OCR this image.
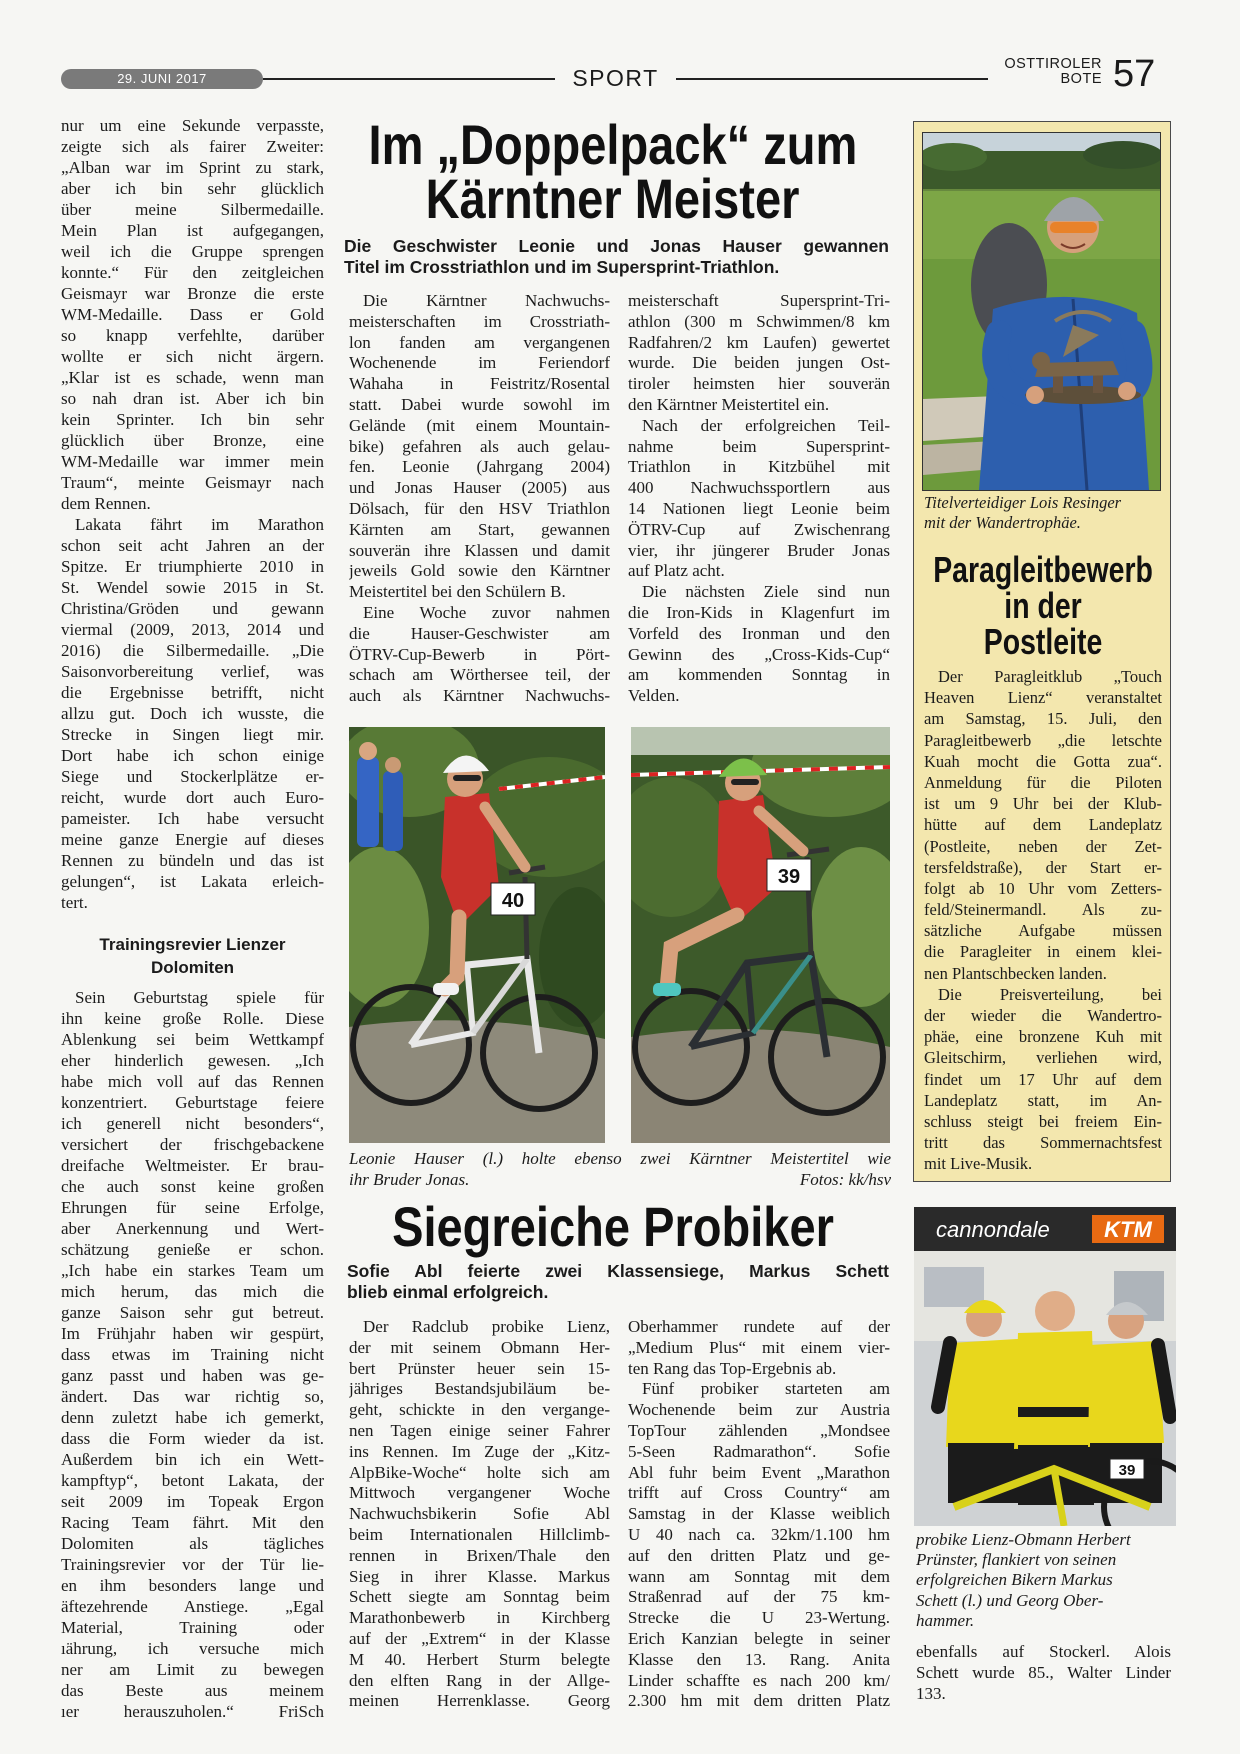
29. JUNI 2017	SPORT
OSTTIROLER
BOTE 57
nur um eine Sekunde verpasste,
zeigte sich als fairer Zweiter:
„Alban war im Sprint zu stark,
aber ich bin sehr glücklich
über meine Silbermedaille.
Mein Plan ist aufgegangen,
weil ich die Gruppe sprengen
konnte.“ Für den zeitgleichen
Geismayr war Bronze die erste
WM-Medaille. Dass er Gold
so knapp verfehlte, darüber
wollte er sich nicht ärgern.
„Klar ist es schade, wenn man
so nah dran ist. Aber ich bin
kein Sprinter. Ich bin sehr
glücklich über Bronze, eine
WM-Medaille war immer mein
Traum“, meinte Geismayr nach
dem Rennen.
Lakata fährt im Marathon
schon seit acht Jahren an der
Spitze. Er triumphierte 2010 in
St. Wendel sowie 2015 in St.
Christina/Gröden und gewann
viermal (2009, 2013, 2014 und
2016) die Silbermedaille. „Die
Saisonvorbereitung verlief, was
die Ergebnisse betrifft, nicht
allzu gut. Doch ich wusste, die
Strecke in Singen liegt mir.
Dort habe ich schon einige
Siege und Stockerlplätze er-
reicht, wurde dort auch Euro-
pameister. Ich habe versucht
meine ganze Energie auf dieses
Rennen zu bündeln und das ist
gelungen“, ist Lakata erleich-
tert.
Trainingsrevier Lienzer
Dolomiten
Sein Geburtstag spiele für
ihn keine große Rolle. Diese
Ablenkung sei beim Wettkampf
eher hinderlich gewesen. „Ich
habe mich voll auf das Rennen
konzentriert. Geburtstage feiere
ich generell nicht besonders“,
versichert der frischgebackene
dreifache Weltmeister. Er brau-
che auch sonst keine großen
Ehrungen für seine Erfolge,
aber Anerkennung und Wert-
schätzung genieße er schon.
„Ich habe ein starkes Team um
mich herum, das mich die
ganze Saison sehr gut betreut.
Im Frühjahr haben wir gespürt,
dass etwas im Training nicht
ganz passt und haben was ge-
ändert. Das war richtig so,
denn zuletzt habe ich gemerkt,
dass die Form wieder da ist.
Außerdem bin ich ein Wett-
kampftyp“, betont Lakata, der
seit 2009 im Topeak Ergon
Racing Team fährt. Mit den
Dolomiten als tägliches
Trainingsrevier vor der Tür lie-
en ihm besonders lange und
äftezehrende Anstiege. „Egal
Material, Training oder
ıährung, ich versuche mich
ner am Limit zu bewegen
das Beste aus meinem
ıer herauszuholen.“ FriSch
Im „Doppelpack“ zum
Kärntner Meister
Die Geschwister Leonie und Jonas Hauser gewannen
Titel im Crosstriathlon und im Supersprint-Triathlon.
Die Kärntner Nachwuchs-
meisterschaften im Crosstriath-
lon fanden am vergangenen
Wochenende im Feriendorf
Wahaha in Feistritz/Rosental
statt. Dabei wurde sowohl im
Gelände (mit einem Mountain-
bike) gefahren als auch gelau-
fen. Leonie (Jahrgang 2004)
und Jonas Hauser (2005) aus
Dölsach, für den HSV Triathlon
Kärnten am Start, gewannen
souverän ihre Klassen und damit
jeweils Gold sowie den Kärntner
Meistertitel bei den Schülern B.
Eine Woche zuvor nahmen
die Hauser-Geschwister am
ÖTRV-Cup-Bewerb in Pört-
schach am Wörthersee teil, der
auch als Kärntner Nachwuchs-
meisterschaft Supersprint-Tri-
athlon (300 m Schwimmen/8 km
Radfahren/2 km Laufen) gewertet
wurde. Die beiden jungen Ost-
tiroler heimsten hier souverän
den Kärntner Meistertitel ein.
Nach der erfolgreichen Teil-
nahme beim Supersprint-
Triathlon in Kitzbühel mit
400 Nachwuchssportlern aus
14 Nationen liegt Leonie beim
ÖTRV-Cup auf Zwischenrang
vier, ihr jüngerer Bruder Jonas
auf Platz acht.
Die nächsten Ziele sind nun
die Iron-Kids in Klagenfurt im
Vorfeld des Ironman und den
Gewinn des „Cross-Kids-Cup“
am kommenden Sonntag in
Velden.
40
39
Leonie Hauser (l.) holte ebenso zwei Kärntner Meistertitel wie
ihr Bruder Jonas.	Fotos: kk/hsv
Siegreiche Probiker
Sofie Abl feierte zwei Klassensiege, Markus Schett
blieb einmal erfolgreich.
Der Radclub probike Lienz,
der mit seinem Obmann Her-
bert Prünster heuer sein 15-
jähriges Bestandsjubiläum be-
geht, schickte in den vergange-
nen Tagen einige seiner Fahrer
ins Rennen. Im Zuge der „Kitz-
AlpBike-Woche“ holte sich am
Mittwoch vergangener Woche
Nachwuchsbikerin Sofie Abl
beim Internationalen Hillclimb-
rennen in Brixen/Thale den
Sieg in ihrer Klasse. Markus
Schett siegte am Sonntag beim
Marathonbewerb in Kirchberg
auf der „Extrem“ in der Klasse
M 40. Herbert Sturm belegte
den elften Rang in der Allge-
meinen Herrenklasse. Georg
Oberhammer rundete auf der
„Medium Plus“ mit einem vier-
ten Rang das Top-Ergebnis ab.
Fünf probiker starteten am
Wochenende beim zur Austria
TopTour zählenden „Mondsee
5-Seen Radmarathon“. Sofie
Abl fuhr beim Event „Marathon
trifft auf Cross Country“ am
Samstag in der Klasse weiblich
U 40 nach ca. 32km/1.100 hm
auf den dritten Platz und ge-
wann am Sonntag mit dem
Straßenrad auf der 75 km-
Strecke die U 23-Wertung.
Erich Kanzian belegte in seiner
Klasse den 13. Rang. Anita
Linder schaffte es nach 200 km/
2.300 hm mit dem dritten Platz
Titelverteidiger Lois Resinger
mit der Wandertrophäe.
Paragleitbewerb
in der
Postleite
Der Paragleitklub „Touch
Heaven Lienz“ veranstaltet
am Samstag, 15. Juli, den
Paragleitbewerb „die letschte
Kuah mocht die Gotta zua“.
Anmeldung für die Piloten
ist um 9 Uhr bei der Klub-
hütte auf dem Landeplatz
(Postleite, neben der Zet-
tersfeldstraße), der Start er-
folgt ab 10 Uhr vom Zetters-
feld/Steinermandl. Als zu-
sätzliche Aufgabe müssen
die Paragleiter in einem klei-
nen Plantschbecken landen.
Die Preisverteilung, bei
der wieder die Wandertro-
phäe, eine bronzene Kuh mit
Gleitschirm, verliehen wird,
findet um 17 Uhr auf dem
Landeplatz statt, im An-
schluss steigt bei freiem Ein-
tritt das Sommernachtsfest
mit Live-Musik.
cannondale KTM
39
probike Lienz-Obmann Herbert
Prünster, flankiert von seinen
erfolgreichen Bikern Markus
Schett (l.) und Georg Ober-
hammer.
ebenfalls auf Stockerl. Alois
Schett wurde 85., Walter Linder
133.
